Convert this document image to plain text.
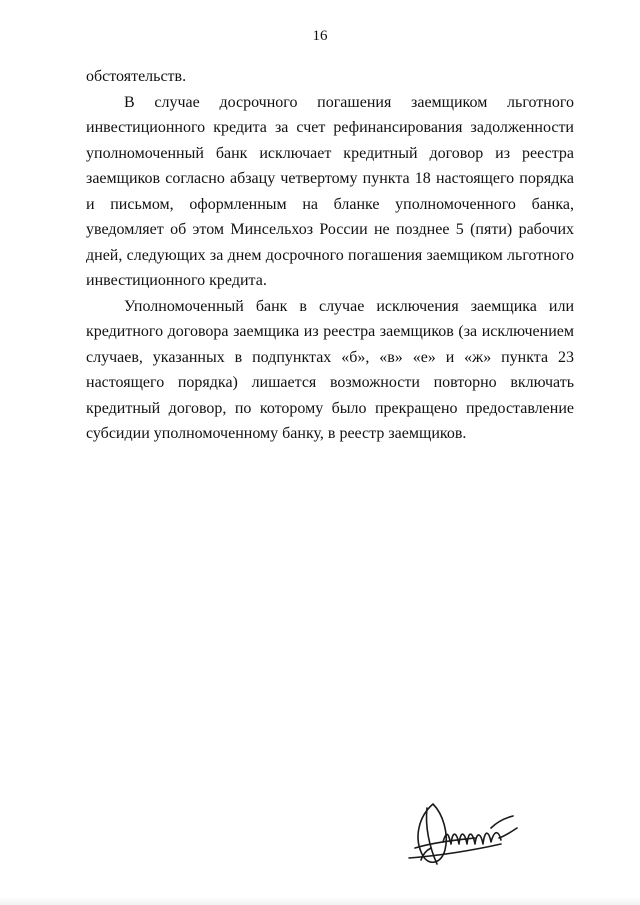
16

обстоятельств.

В случае досрочного погашения заемщиком льготного инвестиционного кредита за счет рефинансирования задолженности уполномоченный банк исключает кредитный договор из реестра заемщиков согласно абзацу четвертому пункта 18 настоящего порядка и письмом, оформленным на бланке уполномоченного банка, уведомляет об этом Минсельхоз России не позднее 5 (пяти) рабочих дней, следующих за днем досрочного погашения заемщиком льготного инвестиционного кредита.

Уполномоченный банк в случае исключения заемщика или кредитного договора заемщика из реестра заемщиков (за исключением случаев, указанных в подпунктах «б», «в» «е» и «ж» пункта 23 настоящего порядка) лишается возможности повторно включать кредитный договор, по которому было прекращено предоставление субсидии уполномоченному банку, в реестр заемщиков.
